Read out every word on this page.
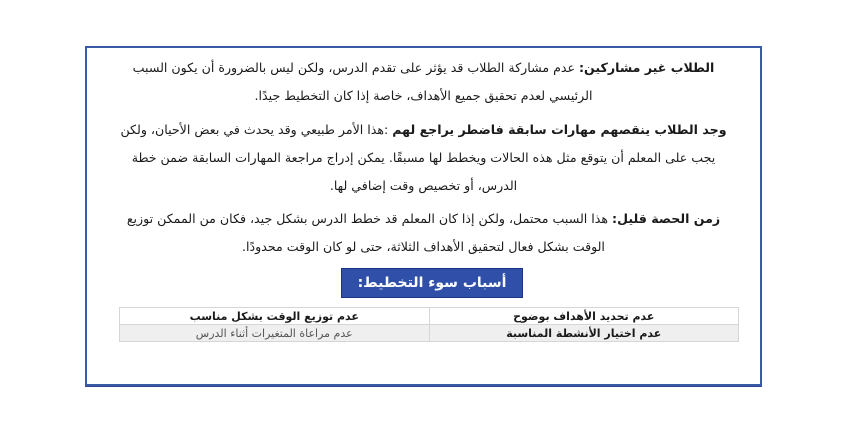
الطلاب غير مشاركين: عدم مشاركة الطلاب قد يؤثر على تقدم الدرس، ولكن ليس بالضرورة أن يكون السبب الرئيسي لعدم تحقيق جميع الأهداف، خاصة إذا كان التخطيط جيدًا.
وجد الطلاب ينقصهم مهارات سابقة فاضطر يراجع لهم :هذا الأمر طبيعي وقد يحدث في بعض الأحيان، ولكن يجب على المعلم أن يتوقع مثل هذه الحالات ويخطط لها مسبقًا. يمكن إدراج مراجعة المهارات السابقة ضمن خطة الدرس، أو تخصيص وقت إضافي لها.
زمن الحصة قليل: هذا السبب محتمل، ولكن إذا كان المعلم قد خطط الدرس بشكل جيد، فكان من الممكن توزيع الوقت بشكل فعال لتحقيق الأهداف الثلاثة، حتى لو كان الوقت محدودًا.
أسباب سوء التخطيط:
عدم تحديد الأهداف بوضوح	عدم توزيع الوقت بشكل مناسب
عدم اختيار الأنشطة المناسبة	عدم مراعاة المتغيرات أثناء الدرس
